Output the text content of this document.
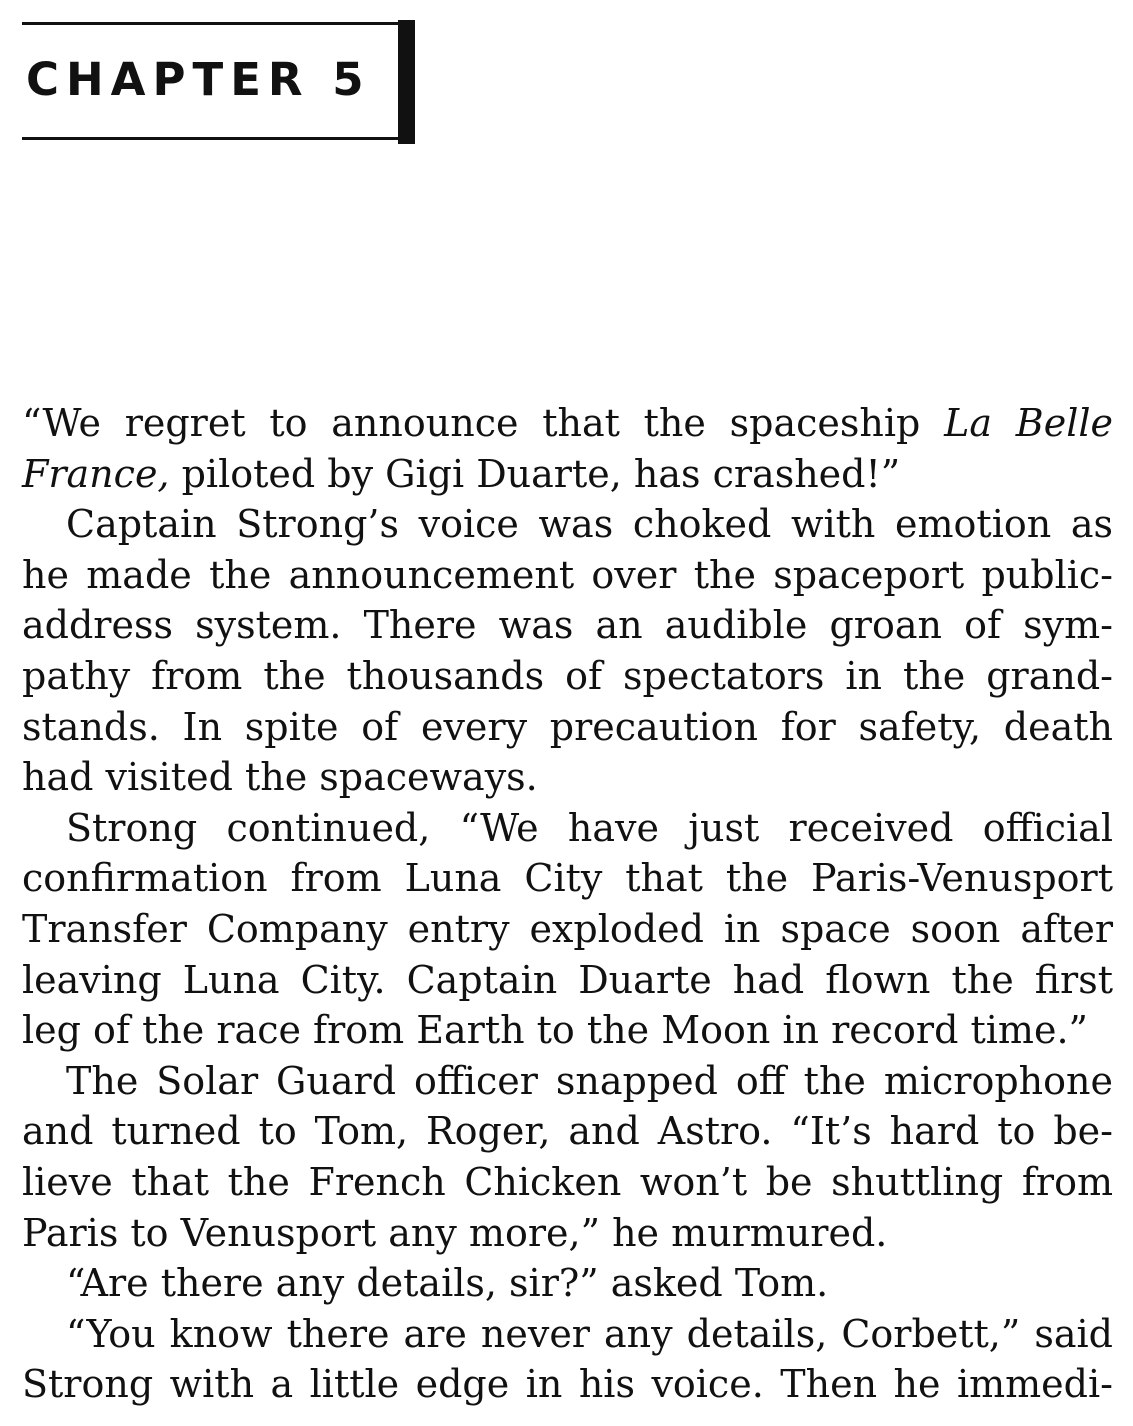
CHAPTER 5
“We regret to announce that the spaceship La Belle
France, piloted by Gigi Duarte, has crashed!”
Captain Strong’s voice was choked with emotion as
he made the announcement over the spaceport public-
address system. There was an audible groan of sym-
pathy from the thousands of spectators in the grand-
stands. In spite of every precaution for safety, death
had visited the spaceways.
Strong continued, “We have just received official
confirmation from Luna City that the Paris-Venusport
Transfer Company entry exploded in space soon after
leaving Luna City. Captain Duarte had flown the first
leg of the race from Earth to the Moon in record time.”
The Solar Guard officer snapped off the microphone
and turned to Tom, Roger, and Astro. “It’s hard to be-
lieve that the French Chicken won’t be shuttling from
Paris to Venusport any more,” he murmured.
“Are there any details, sir?” asked Tom.
“You know there are never any details, Corbett,” said
Strong with a little edge in his voice. Then he immedi-
